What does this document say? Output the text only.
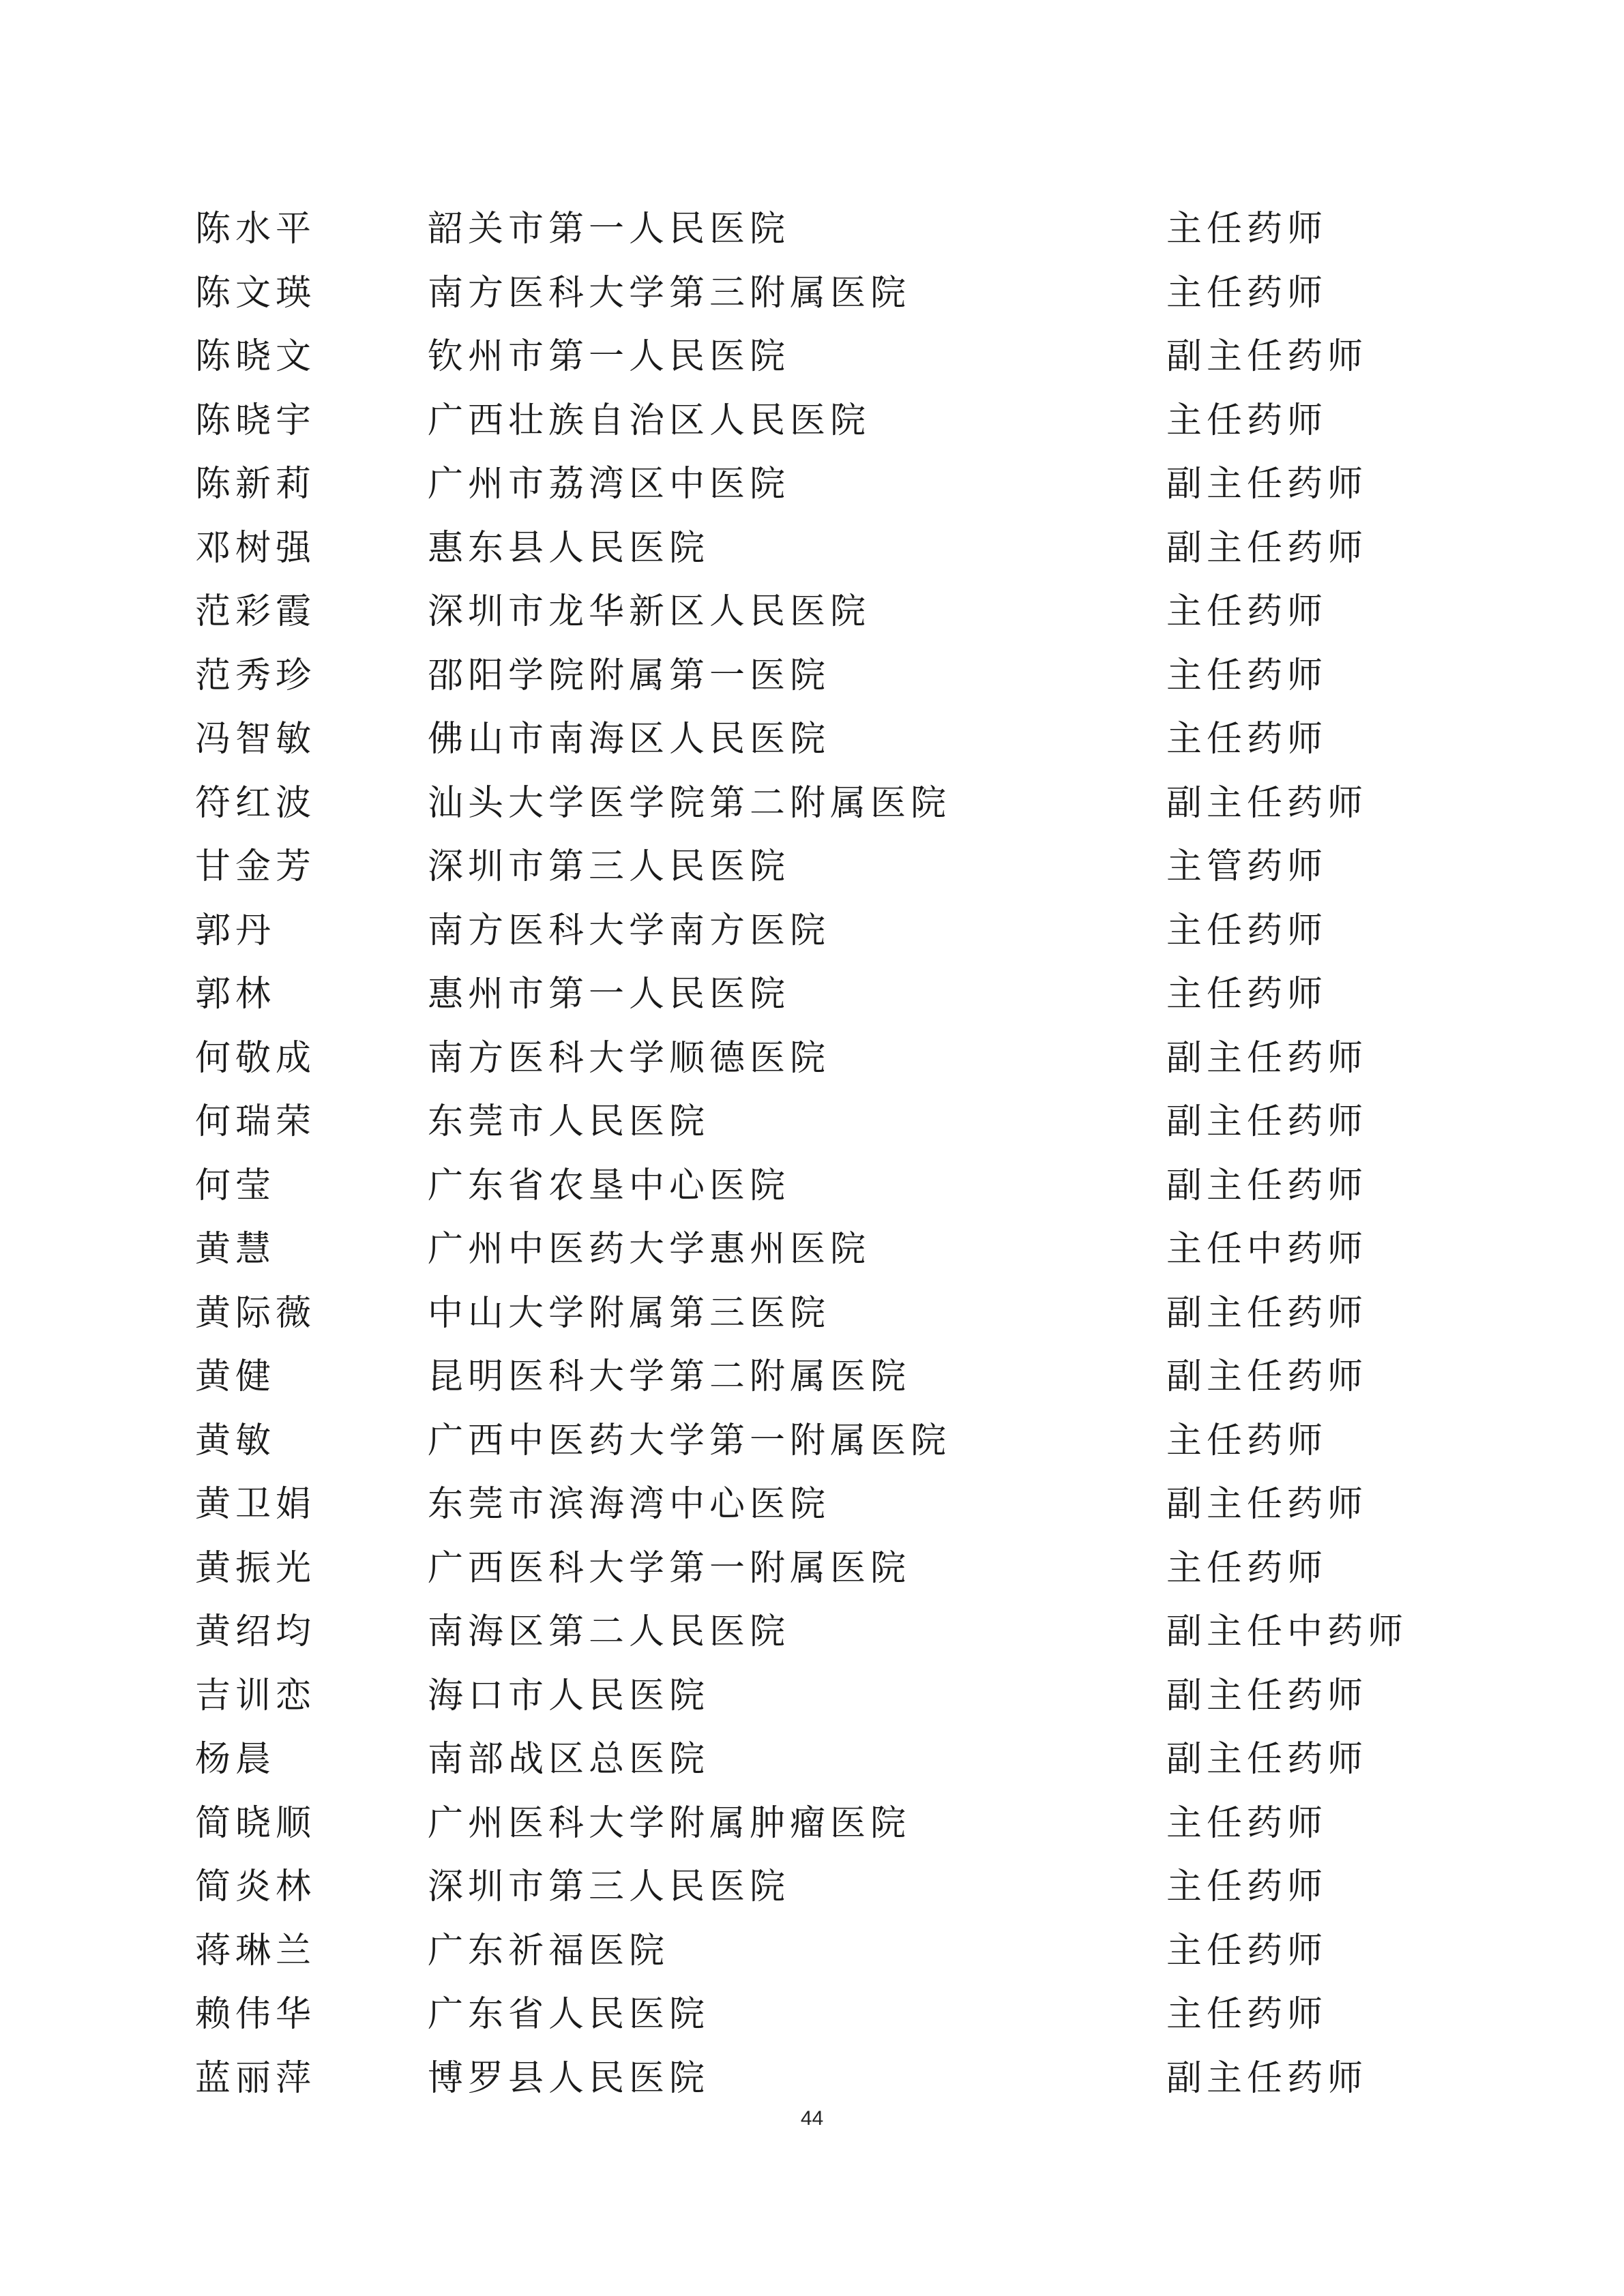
陈水平	韶关市第一人民医院	主任药师
陈文瑛	南方医科大学第三附属医院	主任药师
陈晓文	钦州市第一人民医院	副主任药师
陈晓宇	广西壮族自治区人民医院	主任药师
陈新莉	广州市荔湾区中医院	副主任药师
邓树强	惠东县人民医院	副主任药师
范彩霞	深圳市龙华新区人民医院	主任药师
范秀珍	邵阳学院附属第一医院	主任药师
冯智敏	佛山市南海区人民医院	主任药师
符红波	汕头大学医学院第二附属医院	副主任药师
甘金芳	深圳市第三人民医院	主管药师
郭丹	南方医科大学南方医院	主任药师
郭林	惠州市第一人民医院	主任药师
何敬成	南方医科大学顺德医院	副主任药师
何瑞荣	东莞市人民医院	副主任药师
何莹	广东省农垦中心医院	副主任药师
黄慧	广州中医药大学惠州医院	主任中药师
黄际薇	中山大学附属第三医院	副主任药师
黄健	昆明医科大学第二附属医院	副主任药师
黄敏	广西中医药大学第一附属医院	主任药师
黄卫娟	东莞市滨海湾中心医院	副主任药师
黄振光	广西医科大学第一附属医院	主任药师
黄绍均	南海区第二人民医院	副主任中药师
吉训恋	海口市人民医院	副主任药师
杨晨	南部战区总医院	副主任药师
简晓顺	广州医科大学附属肿瘤医院	主任药师
简炎林	深圳市第三人民医院	主任药师
蒋琳兰	广东祈福医院	主任药师
赖伟华	广东省人民医院	主任药师
蓝丽萍	博罗县人民医院	副主任药师
44
